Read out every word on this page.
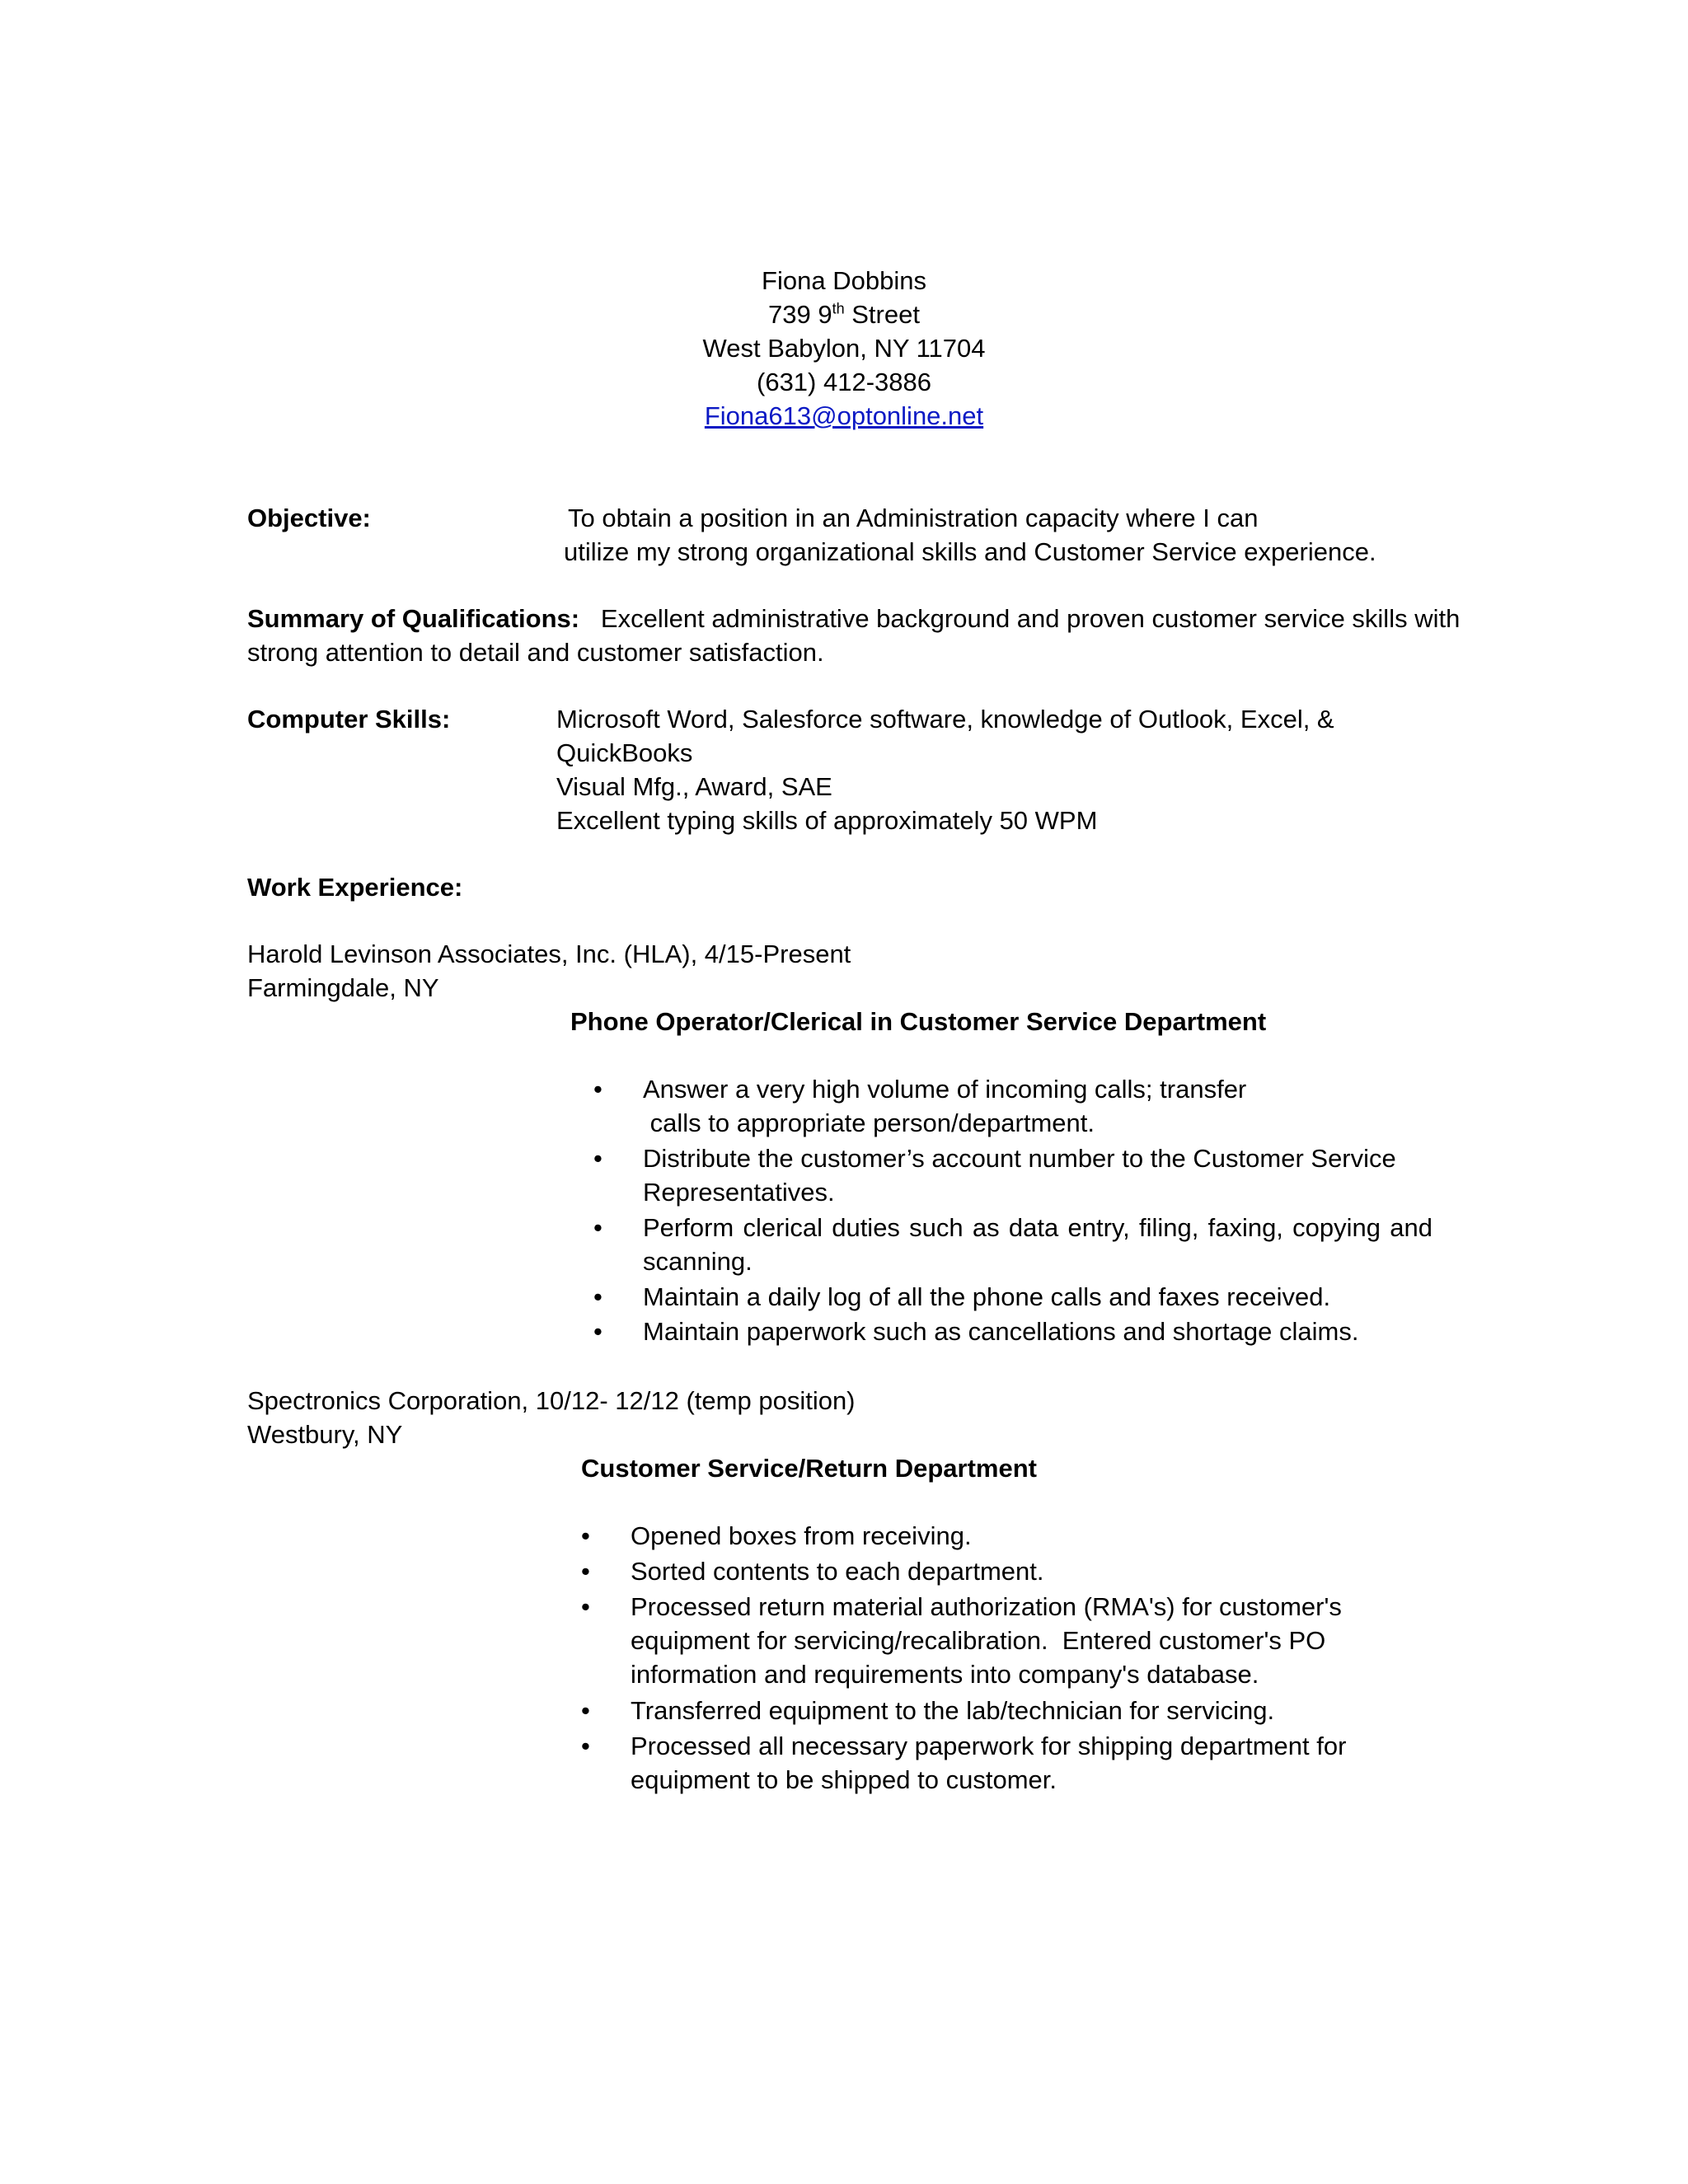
Fiona Dobbins
739 9th Street
West Babylon, NY 11704
(631) 412-3886
Fiona613@optonline.net
Objective:	To obtain a position in an Administration capacity where I can
utilize my strong organizational skills and Customer Service experience.
Summary of Qualifications: Excellent administrative background and proven customer service skills with
strong attention to detail and customer satisfaction.
Computer Skills:	Microsoft Word, Salesforce software, knowledge of Outlook, Excel, &
QuickBooks
Visual Mfg., Award, SAE
Excellent typing skills of approximately 50 WPM
Work Experience:
Harold Levinson Associates, Inc. (HLA), 4/15-Present
Farmingdale, NY
Phone Operator/Clerical in Customer Service Department
• Answer a very high volume of incoming calls; transfer
calls to appropriate person/department.
• Distribute the customer’s account number to the Customer Service
Representatives.
• Perform clerical duties such as data entry, filing, faxing, copying and
scanning.
• Maintain a daily log of all the phone calls and faxes received.
• Maintain paperwork such as cancellations and shortage claims.
Spectronics Corporation, 10/12- 12/12 (temp position)
Westbury, NY
Customer Service/Return Department
• Opened boxes from receiving.
• Sorted contents to each department.
• Processed return material authorization (RMA's) for customer's
equipment for servicing/recalibration.  Entered customer's PO
information and requirements into company's database.
• Transferred equipment to the lab/technician for servicing.
• Processed all necessary paperwork for shipping department for
equipment to be shipped to customer.
